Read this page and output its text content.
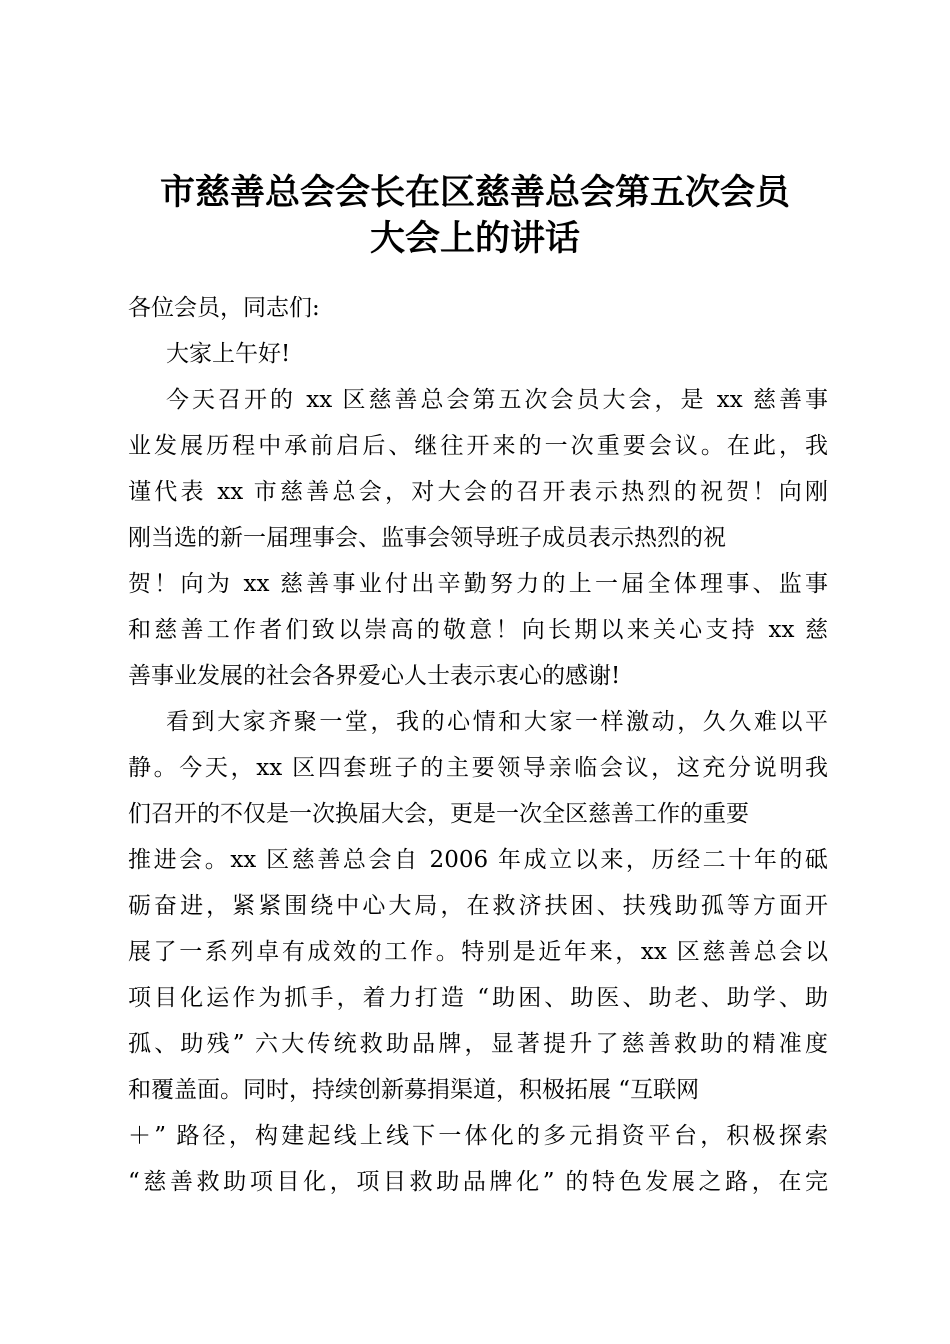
市慈善总会会长在区慈善总会第五次会员
大会上的讲话
各位会员，同志们:
大家上午好!
今天召开的 xx 区慈善总会第五次会员大会，是 xx 慈善事
业发展历程中承前启后、继往开来的一次重要会议。在此，我
谨代表 xx 市慈善总会，对大会的召开表示热烈的祝贺！向刚
刚当选的新一届理事会、监事会领导班子成员表示热烈的祝
贺！向为 xx 慈善事业付出辛勤努力的上一届全体理事、监事
和慈善工作者们致以崇高的敬意！向长期以来关心支持 xx 慈
善事业发展的社会各界爱心人士表示衷心的感谢!
看到大家齐聚一堂，我的心情和大家一样激动，久久难以平
静。今天，xx 区四套班子的主要领导亲临会议，这充分说明我
们召开的不仅是一次换届大会，更是一次全区慈善工作的重要
推进会。xx 区慈善总会自 2006 年成立以来，历经二十年的砥
砺奋进，紧紧围绕中心大局，在救济扶困、扶残助孤等方面开
展了一系列卓有成效的工作。特别是近年来，xx 区慈善总会以
项目化运作为抓手，着力打造 “助困、助医、助老、助学、助
孤、助残” 六大传统救助品牌，显著提升了慈善救助的精准度
和覆盖面。同时，持续创新募捐渠道，积极拓展 “互联网
＋” 路径，构建起线上线下一体化的多元捐资平台，积极探索
“慈善救助项目化，项目救助品牌化” 的特色发展之路，在完
